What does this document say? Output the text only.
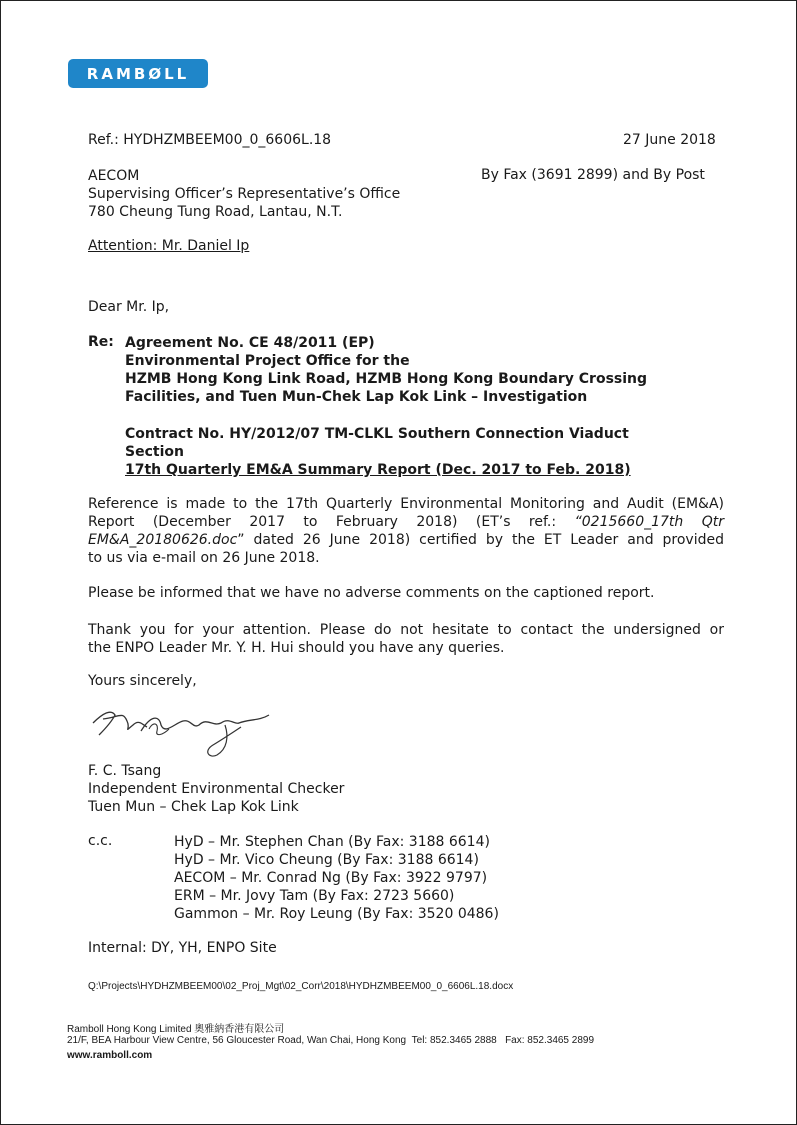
RAMBØLL
Ref.: HYDHZMBEEM00_0_6606L.18	27 June 2018
AECOM
Supervising Officer’s Representative’s Office
780 Cheung Tung Road, Lantau, N.T.
By Fax (3691 2899) and By Post
Attention: Mr. Daniel Ip
Dear Mr. Ip,
Re: Agreement No. CE 48/2011 (EP)
Environmental Project Office for the
HZMB Hong Kong Link Road, HZMB Hong Kong Boundary Crossing
Facilities, and Tuen Mun-Chek Lap Kok Link – Investigation
Contract No. HY/2012/07 TM-CLKL Southern Connection Viaduct
Section
17th Quarterly EM&A Summary Report (Dec. 2017 to Feb. 2018)
Reference is made to the 17th Quarterly Environmental Monitoring and Audit (EM&A)
Report (December 2017 to February 2018) (ET’s ref.: “0215660_17th Qtr
EM&A_20180626.doc” dated 26 June 2018) certified by the ET Leader and provided
to us via e-mail on 26 June 2018.
Please be informed that we have no adverse comments on the captioned report.
Thank you for your attention. Please do not hesitate to contact the undersigned or
the ENPO Leader Mr. Y. H. Hui should you have any queries.
Yours sincerely,
F. C. Tsang
Independent Environmental Checker
Tuen Mun – Chek Lap Kok Link
c.c.	HyD – Mr. Stephen Chan (By Fax: 3188 6614)
HyD – Mr. Vico Cheung (By Fax: 3188 6614)
AECOM – Mr. Conrad Ng (By Fax: 3922 9797)
ERM – Mr. Jovy Tam (By Fax: 2723 5660)
Gammon – Mr. Roy Leung (By Fax: 3520 0486)
Internal: DY, YH, ENPO Site
Q:\Projects\HYDHZMBEEM00\02_Proj_Mgt\02_Corr\2018\HYDHZMBEEM00_0_6606L.18.docx
Ramboll Hong Kong Limited 奧雅納香港有限公司
21/F, BEA Harbour View Centre, 56 Gloucester Road, Wan Chai, Hong Kong Tel: 852.3465 2888 Fax: 852.3465 2899
www.ramboll.com
